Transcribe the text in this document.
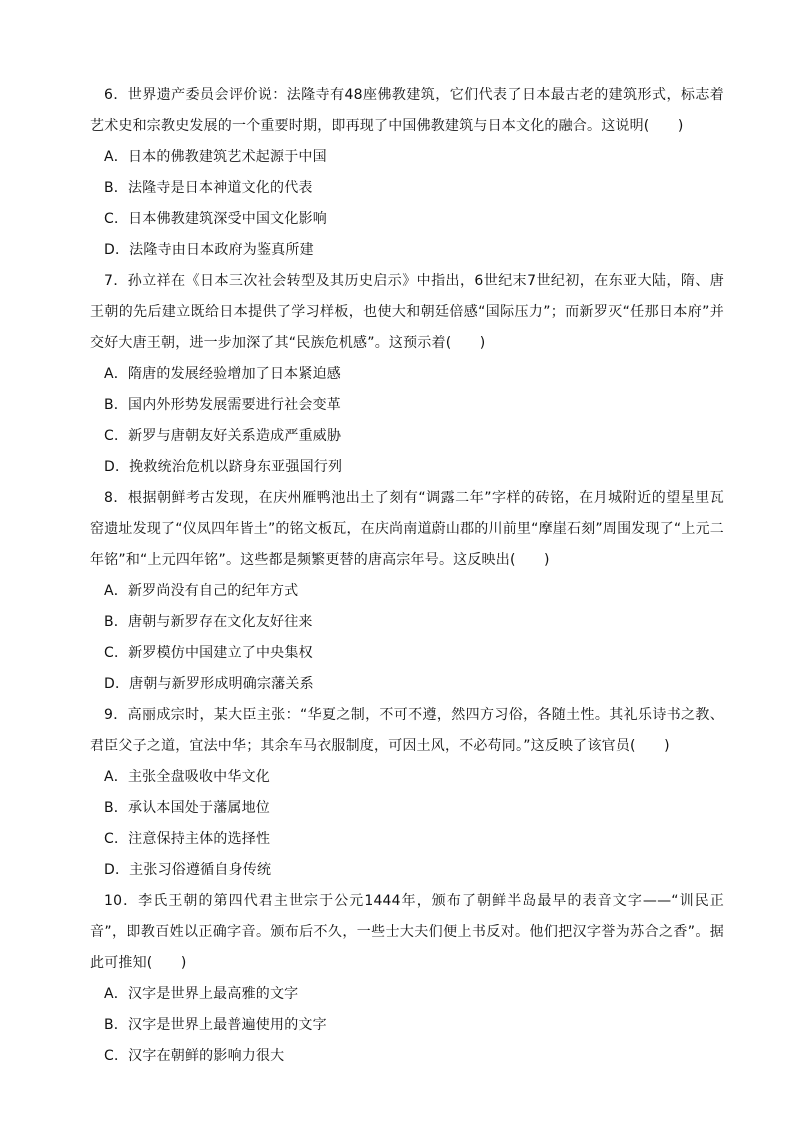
6．世界遗产委员会评价说：法隆寺有48座佛教建筑，它们代表了日本最古老的建筑形式，标志着艺术史和宗教史发展的一个重要时期，即再现了中国佛教建筑与日本文化的融合。这说明(　　)

A．日本的佛教建筑艺术起源于中国
B．法隆寺是日本神道文化的代表
C．日本佛教建筑深受中国文化影响
D．法隆寺由日本政府为鉴真所建

7．孙立祥在《日本三次社会转型及其历史启示》中指出，6世纪末7世纪初，在东亚大陆，隋、唐王朝的先后建立既给日本提供了学习样板，也使大和朝廷倍感“国际压力”；而新罗灭“任那日本府”并交好大唐王朝，进一步加深了其“民族危机感”。这预示着(　　)

A．隋唐的发展经验增加了日本紧迫感
B．国内外形势发展需要进行社会变革
C．新罗与唐朝友好关系造成严重威胁
D．挽救统治危机以跻身东亚强国行列

8．根据朝鲜考古发现，在庆州雁鸭池出土了刻有“调露二年”字样的砖铭，在月城附近的望星里瓦窑遗址发现了“仪凤四年皆土”的铭文板瓦，在庆尚南道蔚山郡的川前里“摩崖石刻”周围发现了“上元二年铭”和“上元四年铭”。这些都是频繁更替的唐高宗年号。这反映出(　　)

A．新罗尚没有自己的纪年方式
B．唐朝与新罗存在文化友好往来
C．新罗模仿中国建立了中央集权
D．唐朝与新罗形成明确宗藩关系

9．高丽成宗时，某大臣主张：“华夏之制，不可不遵，然四方习俗，各随土性。其礼乐诗书之教、君臣父子之道，宜法中华；其余车马衣服制度，可因土风，不必苟同。”这反映了该官员(　　)

A．主张全盘吸收中华文化
B．承认本国处于藩属地位
C．注意保持主体的选择性
D．主张习俗遵循自身传统

10．李氏王朝的第四代君主世宗于公元1444年，颁布了朝鲜半岛最早的表音文字——“训民正音”，即教百姓以正确字音。颁布后不久，一些士大夫们便上书反对。他们把汉字誉为苏合之香”。据此可推知(　　)

A．汉字是世界上最高雅的文字
B．汉字是世界上最普遍使用的文字
C．汉字在朝鲜的影响力很大
